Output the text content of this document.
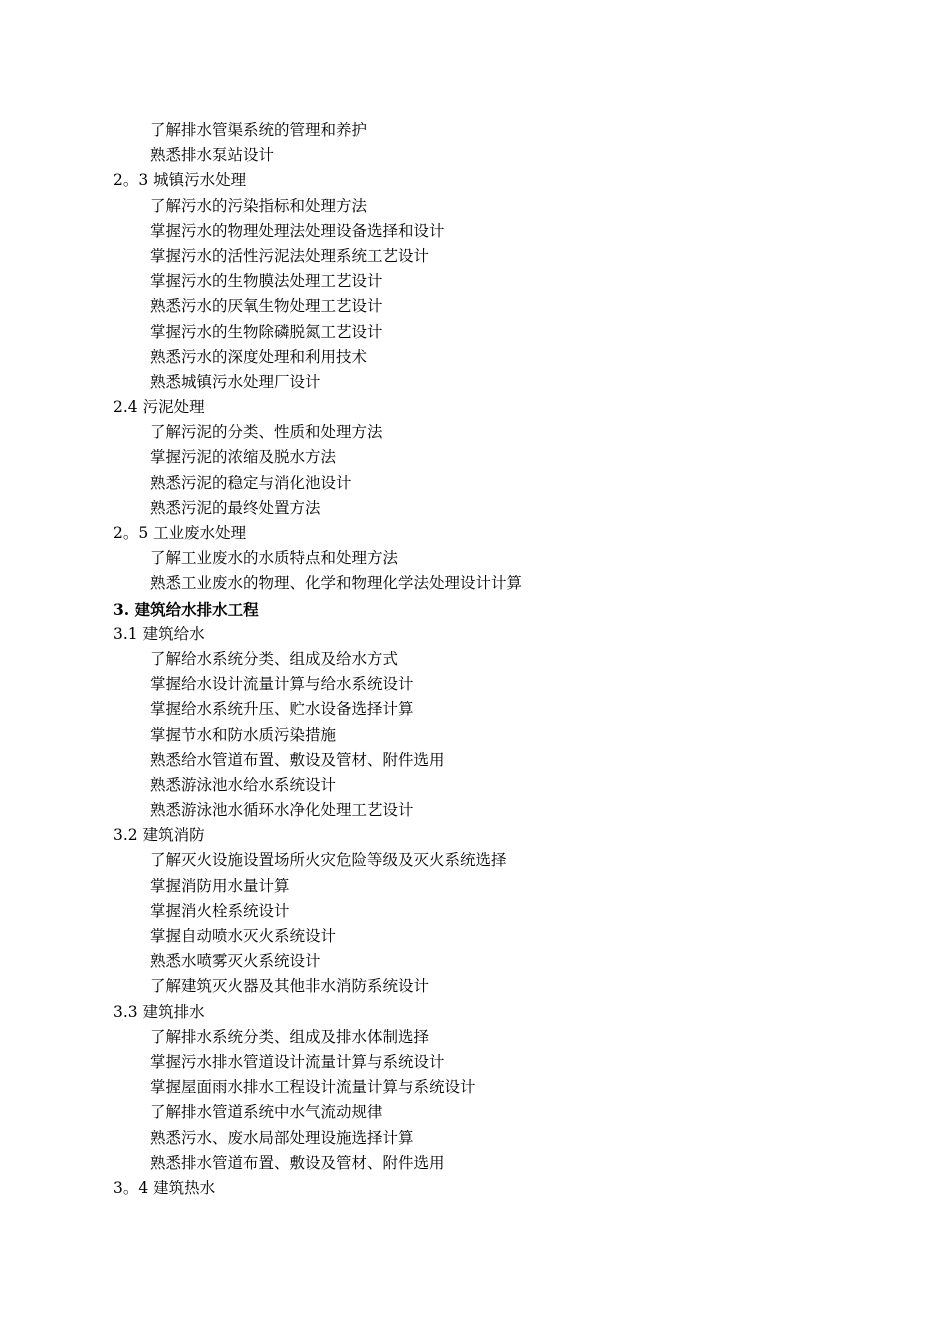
了解排水管渠系统的管理和养护
熟悉排水泵站设计
2。3 城镇污水处理
了解污水的污染指标和处理方法
掌握污水的物理处理法处理设备选择和设计
掌握污水的活性污泥法处理系统工艺设计
掌握污水的生物膜法处理工艺设计
熟悉污水的厌氧生物处理工艺设计
掌握污水的生物除磷脱氮工艺设计
熟悉污水的深度处理和利用技术
熟悉城镇污水处理厂设计
2.4 污泥处理
了解污泥的分类、性质和处理方法
掌握污泥的浓缩及脱水方法
熟悉污泥的稳定与消化池设计
熟悉污泥的最终处置方法
2。5 工业废水处理
了解工业废水的水质特点和处理方法
熟悉工业废水的物理、化学和物理化学法处理设计计算
3. 建筑给水排水工程
3.1 建筑给水
了解给水系统分类、组成及给水方式
掌握给水设计流量计算与给水系统设计
掌握给水系统升压、贮水设备选择计算
掌握节水和防水质污染措施
熟悉给水管道布置、敷设及管材、附件选用
熟悉游泳池水给水系统设计
熟悉游泳池水循环水净化处理工艺设计
3.2 建筑消防
了解灭火设施设置场所火灾危险等级及灭火系统选择
掌握消防用水量计算
掌握消火栓系统设计
掌握自动喷水灭火系统设计
熟悉水喷雾灭火系统设计
了解建筑灭火器及其他非水消防系统设计
3.3 建筑排水
了解排水系统分类、组成及排水体制选择
掌握污水排水管道设计流量计算与系统设计
掌握屋面雨水排水工程设计流量计算与系统设计
了解排水管道系统中水气流动规律
熟悉污水、废水局部处理设施选择计算
熟悉排水管道布置、敷设及管材、附件选用
3。4 建筑热水
